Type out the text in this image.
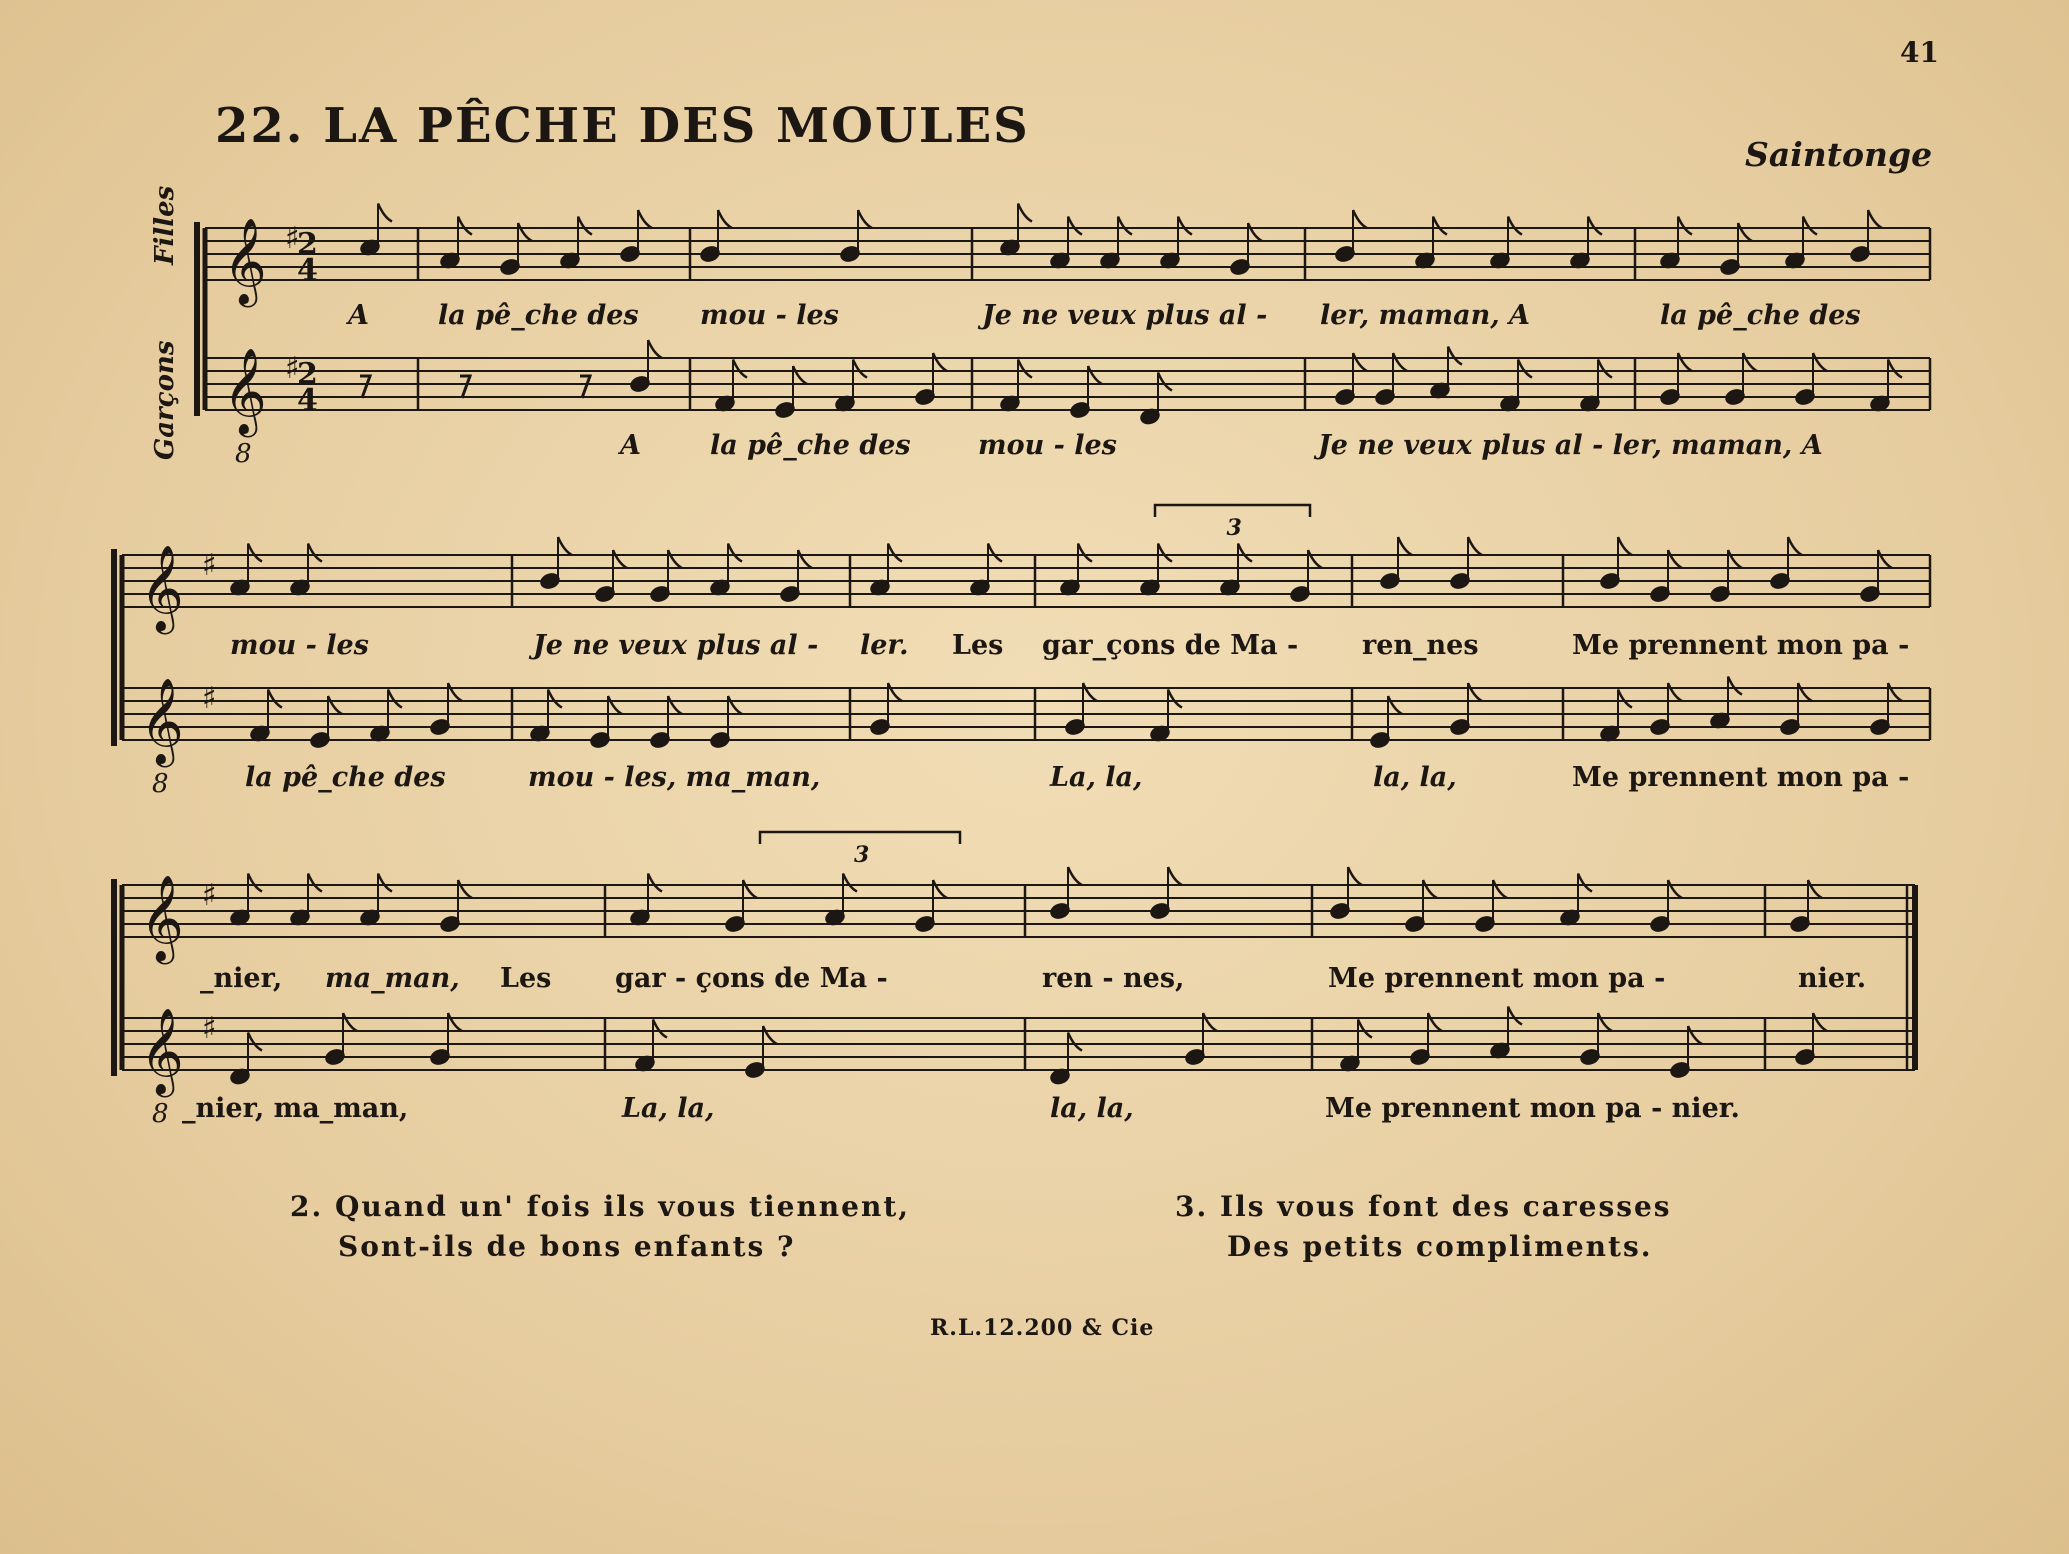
41
22. LA PÊCHE DES MOULES
Saintonge
Filles
Garçons
𝄞 ♯
𝄞 ♯
8
2
4
2
4
𝄞 ♯
𝄞 ♯
8
𝄞 ♯
𝄞 ♯
8
3
3
A	la pê_che des mou - les	Je ne veux plus al - ler, maman, A	la pê_che des
A	la pê_che des mou - les	Je ne veux plus al - ler, maman, A
mou - les	Je ne veux plus al - ler. Les gar_çons de Ma - ren_nes	Me prennent mon pa -
la pê_che des	mou - les, ma_man,	La, la,	la, la,	Me prennent mon pa -
_nier, ma_man, Les gar - çons de Ma -	ren - nes,	Me prennent mon pa -	nier.
_nier, ma_man,	La, la,	la, la,	Me prennent mon pa - nier.
2. Quand un' fois ils vous tiennent,
Sont-ils de bons enfants ?
3. Ils vous font des caresses
Des petits compliments.
R.L.12.200 & Cie
